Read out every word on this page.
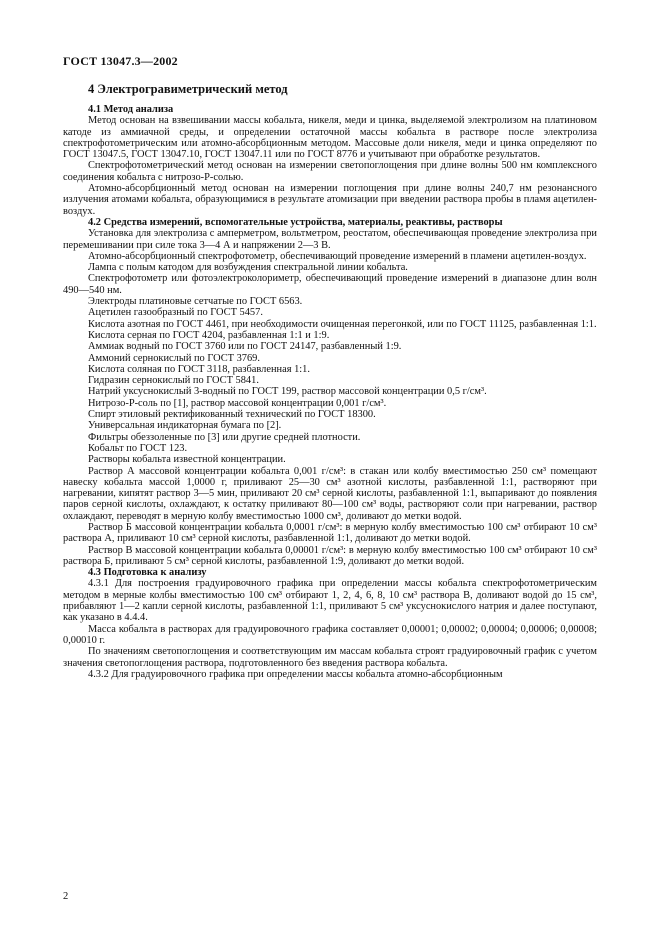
ГОСТ 13047.3—2002
4 Электрогравиметрический метод
4.1 Метод анализа

Метод основан на взвешивании массы кобальта, никеля, меди и цинка, выделяемой электролизом на платиновом катоде из аммиачной среды, и определении остаточной массы кобальта в растворе после электролиза спектрофотометрическим или атомно-абсорбционным методом. Массовые доли никеля, меди и цинка определяют по ГОСТ 13047.5, ГОСТ 13047.10, ГОСТ 13047.11 или по ГОСТ 8776 и учитывают при обработке результатов.

Спектрофотометрический метод основан на измерении светопоглощения при длине волны 500 нм комплексного соединения кобальта с нитрозо-Р-солью.

Атомно-абсорбционный метод основан на измерении поглощения при длине волны 240,7 нм резонансного излучения атомами кобальта, образующимися в результате атомизации при введении раствора пробы в пламя ацетилен-воздух.

4.2 Средства измерений, вспомогательные устройства, материалы, реактивы, растворы

Установка для электролиза с амперметром, вольтметром, реостатом, обеспечивающая проведение электролиза при перемешивании при силе тока 3—4 А и напряжении 2—3 В.

Атомно-абсорбционный спектрофотометр, обеспечивающий проведение измерений в пламени ацетилен-воздух.

Лампа с полым катодом для возбуждения спектральной линии кобальта.

Спектрофотометр или фотоэлектроколориметр, обеспечивающий проведение измерений в диапазоне длин волн 490—540 нм.

Электроды платиновые сетчатые по ГОСТ 6563.

Ацетилен газообразный по ГОСТ 5457.

Кислота азотная по ГОСТ 4461, при необходимости очищенная перегонкой, или по ГОСТ 11125, разбавленная 1:1.

Кислота серная по ГОСТ 4204, разбавленная 1:1 и 1:9.

Аммиак водный по ГОСТ 3760 или по ГОСТ 24147, разбавленный 1:9.

Аммоний сернокислый по ГОСТ 3769.

Кислота соляная по ГОСТ 3118, разбавленная 1:1.

Гидразин сернокислый по ГОСТ 5841.

Натрий уксуснокислый 3-водный по ГОСТ 199, раствор массовой концентрации 0,5 г/см³.

Нитрозо-Р-соль по [1], раствор массовой концентрации 0,001 г/см³.

Спирт этиловый ректификованный технический по ГОСТ 18300.

Универсальная индикаторная бумага по [2].

Фильтры обеззоленные по [3] или другие средней плотности.

Кобальт по ГОСТ 123.

Растворы кобальта известной концентрации.

Раствор А массовой концентрации кобальта 0,001 г/см³: в стакан или колбу вместимостью 250 см³ помещают навеску кобальта массой 1,0000 г, приливают 25—30 см³ азотной кислоты, разбавленной 1:1, растворяют при нагревании, кипятят раствор 3—5 мин, приливают 20 см³ серной кислоты, разбавленной 1:1, выпаривают до появления паров серной кислоты, охлаждают, к остатку приливают 80—100 см³ воды, растворяют соли при нагревании, раствор охлаждают, переводят в мерную колбу вместимостью 1000 см³, доливают до метки водой.

Раствор Б массовой концентрации кобальта 0,0001 г/см³: в мерную колбу вместимостью 100 см³ отбирают 10 см³ раствора А, приливают 10 см³ серной кислоты, разбавленной 1:1, доливают до метки водой.

Раствор В массовой концентрации кобальта 0,00001 г/см³: в мерную колбу вместимостью 100 см³ отбирают 10 см³ раствора Б, приливают 5 см³ серной кислоты, разбавленной 1:9, доливают до метки водой.

4.3 Подготовка к анализу

4.3.1 Для построения градуировочного графика при определении массы кобальта спектрофотометрическим методом в мерные колбы вместимостью 100 см³ отбирают 1, 2, 4, 6, 8, 10 см³ раствора В, доливают водой до 15 см³, прибавляют 1—2 капли серной кислоты, разбавленной 1:1, приливают 5 см³ уксуснокислого натрия и далее поступают, как указано в 4.4.4.

Масса кобальта в растворах для градуировочного графика составляет 0,00001; 0,00002; 0,00004; 0,00006; 0,00008; 0,00010 г.

По значениям светопоглощения и соответствующим им массам кобальта строят градуировочный график с учетом значения светопоглощения раствора, подготовленного без введения раствора кобальта.

4.3.2 Для градуировочного графика при определении массы кобальта атомно-абсорбционным

2
